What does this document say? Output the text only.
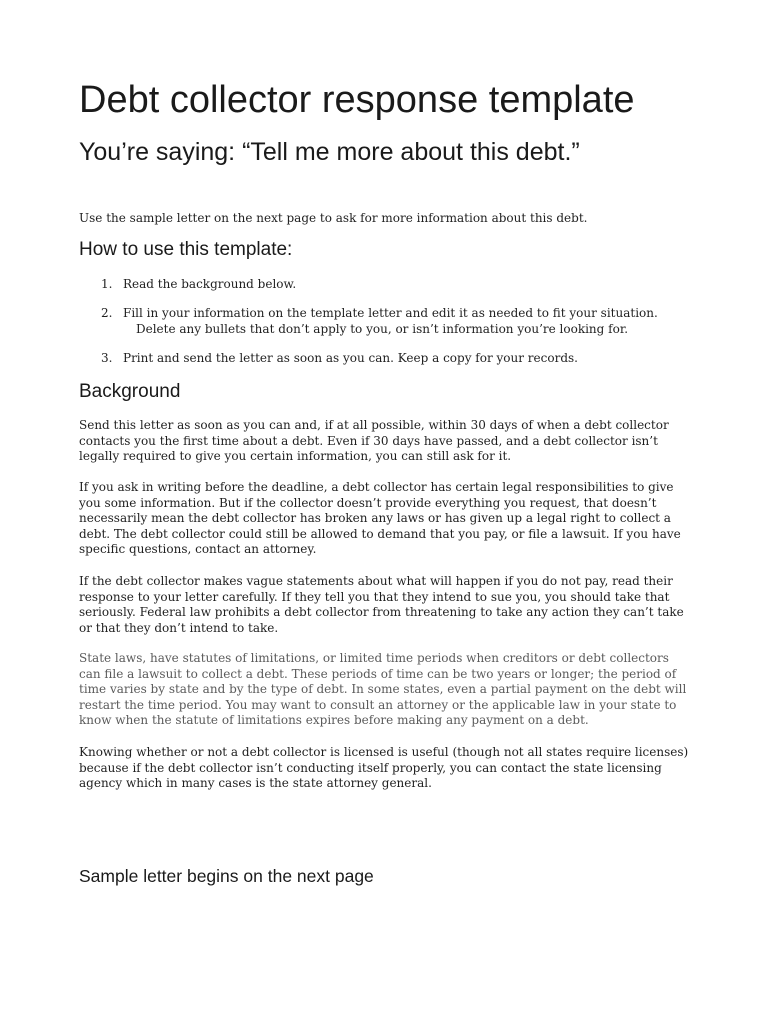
Debt collector response template
You’re saying: “Tell me more about this debt.”

Use the sample letter on the next page to ask for more information about this debt.

How to use this template:
1. Read the background below.
2. Fill in your information on the template letter and edit it as needed to fit your situation.
Delete any bullets that don’t apply to you, or isn’t information you’re looking for.
3. Print and send the letter as soon as you can. Keep a copy for your records.
Background

Send this letter as soon as you can and, if at all possible, within 30 days of when a debt collector contacts you the first time about a debt. Even if 30 days have passed, and a debt collector isn’t legally required to give you certain information, you can still ask for it.

If you ask in writing before the deadline, a debt collector has certain legal responsibilities to give you some information. But if the collector doesn’t provide everything you request, that doesn’t necessarily mean the debt collector has broken any laws or has given up a legal right to collect a debt. The debt collector could still be allowed to demand that you pay, or file a lawsuit. If you have specific questions, contact an attorney.

If the debt collector makes vague statements about what will happen if you do not pay, read their response to your letter carefully. If they tell you that they intend to sue you, you should take that seriously. Federal law prohibits a debt collector from threatening to take any action they can’t take or that they don’t intend to take.

State laws, have statutes of limitations, or limited time periods when creditors or debt collectors can file a lawsuit to collect a debt. These periods of time can be two years or longer; the period of time varies by state and by the type of debt. In some states, even a partial payment on the debt will restart the time period. You may want to consult an attorney or the applicable law in your state to know when the statute of limitations expires before making any payment on a debt.

Knowing whether or not a debt collector is licensed is useful (though not all states require licenses) because if the debt collector isn’t conducting itself properly, you can contact the state licensing agency which in many cases is the state attorney general.

Sample letter begins on the next page
